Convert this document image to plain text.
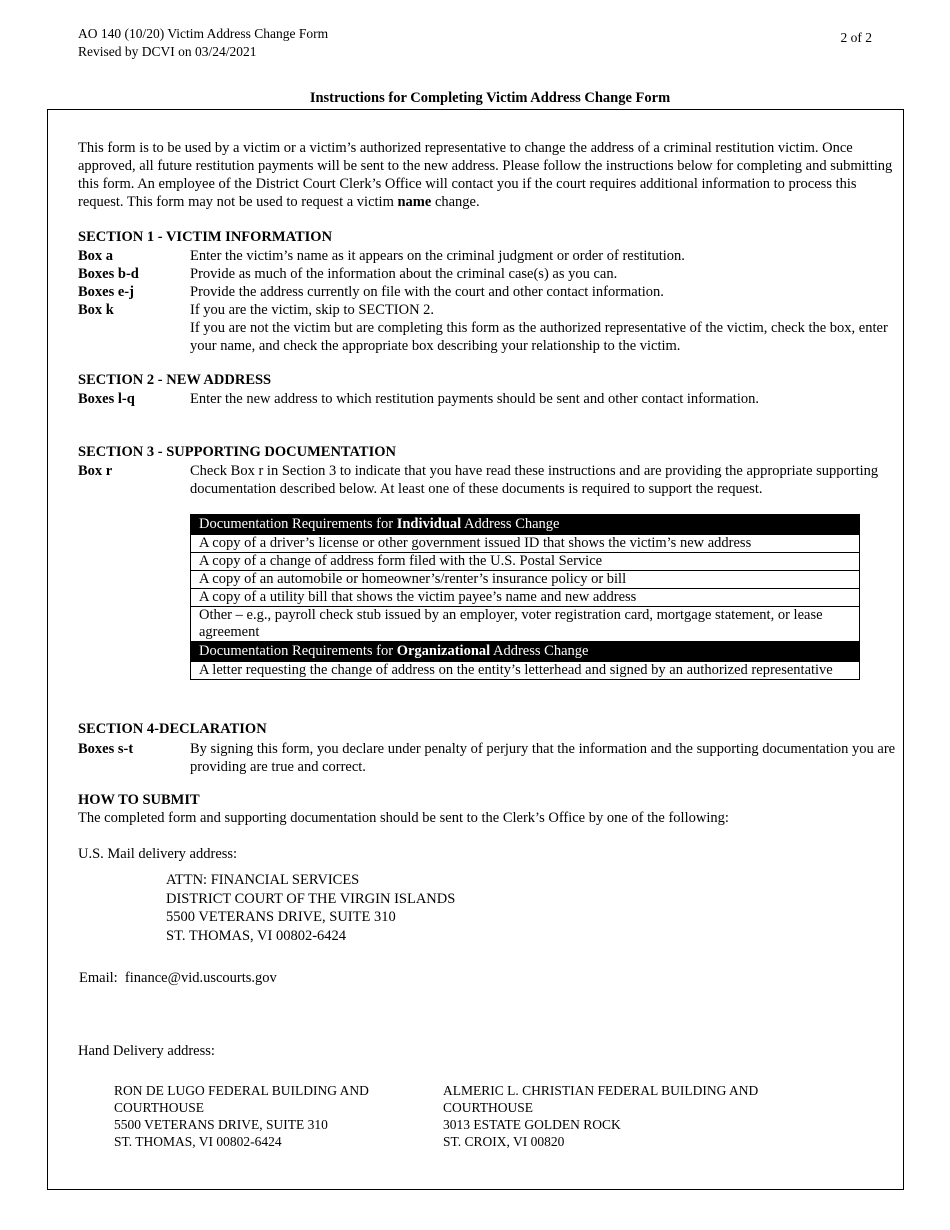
AO 140 (10/20) Victim Address Change Form
Revised by DCVI on 03/24/2021
2 of 2
Instructions for Completing Victim Address Change Form
This form is to be used by a victim or a victim’s authorized representative to change the address of a criminal restitution victim. Once approved, all future restitution payments will be sent to the new address. Please follow the instructions below for completing and submitting this form. An employee of the District Court Clerk’s Office will contact you if the court requires additional information to process this request. This form may not be used to request a victim name change.
SECTION 1 - VICTIM INFORMATION
Box a	Enter the victim’s name as it appears on the criminal judgment or order of restitution.
Boxes b-d	Provide as much of the information about the criminal case(s) as you can.
Boxes e-j	Provide the address currently on file with the court and other contact information.
Box k	If you are the victim, skip to SECTION 2.
If you are not the victim but are completing this form as the authorized representative of the victim, check the box, enter your name, and check the appropriate box describing your relationship to the victim.
SECTION 2 - NEW ADDRESS
Boxes l-q	Enter the new address to which restitution payments should be sent and other contact information.
SECTION 3 - SUPPORTING DOCUMENTATION
Box r	Check Box r in Section 3 to indicate that you have read these instructions and are providing the appropriate supporting documentation described below. At least one of these documents is required to support the request.
Documentation Requirements for Individual Address Change
A copy of a driver’s license or other government issued ID that shows the victim’s new address
A copy of a change of address form filed with the U.S. Postal Service
A copy of an automobile or homeowner’s/renter’s insurance policy or bill
A copy of a utility bill that shows the victim payee’s name and new address
Other – e.g., payroll check stub issued by an employer, voter registration card, mortgage statement, or lease agreement
Documentation Requirements for Organizational Address Change
A letter requesting the change of address on the entity’s letterhead and signed by an authorized representative
SECTION 4-DECLARATION
Boxes s-t	By signing this form, you declare under penalty of perjury that the information and the supporting documentation you are providing are true and correct.
HOW TO SUBMIT
The completed form and supporting documentation should be sent to the Clerk’s Office by one of the following:
U.S. Mail delivery address:
ATTN: FINANCIAL SERVICES
DISTRICT COURT OF THE VIRGIN ISLANDS
5500 VETERANS DRIVE, SUITE 310
ST. THOMAS, VI 00802-6424
Email: finance@vid.uscourts.gov
Hand Delivery address:
RON DE LUGO FEDERAL BUILDING AND
COURTHOUSE
5500 VETERANS DRIVE, SUITE 310
ST. THOMAS, VI 00802-6424
ALMERIC L. CHRISTIAN FEDERAL BUILDING AND
COURTHOUSE
3013 ESTATE GOLDEN ROCK
ST. CROIX, VI 00820
